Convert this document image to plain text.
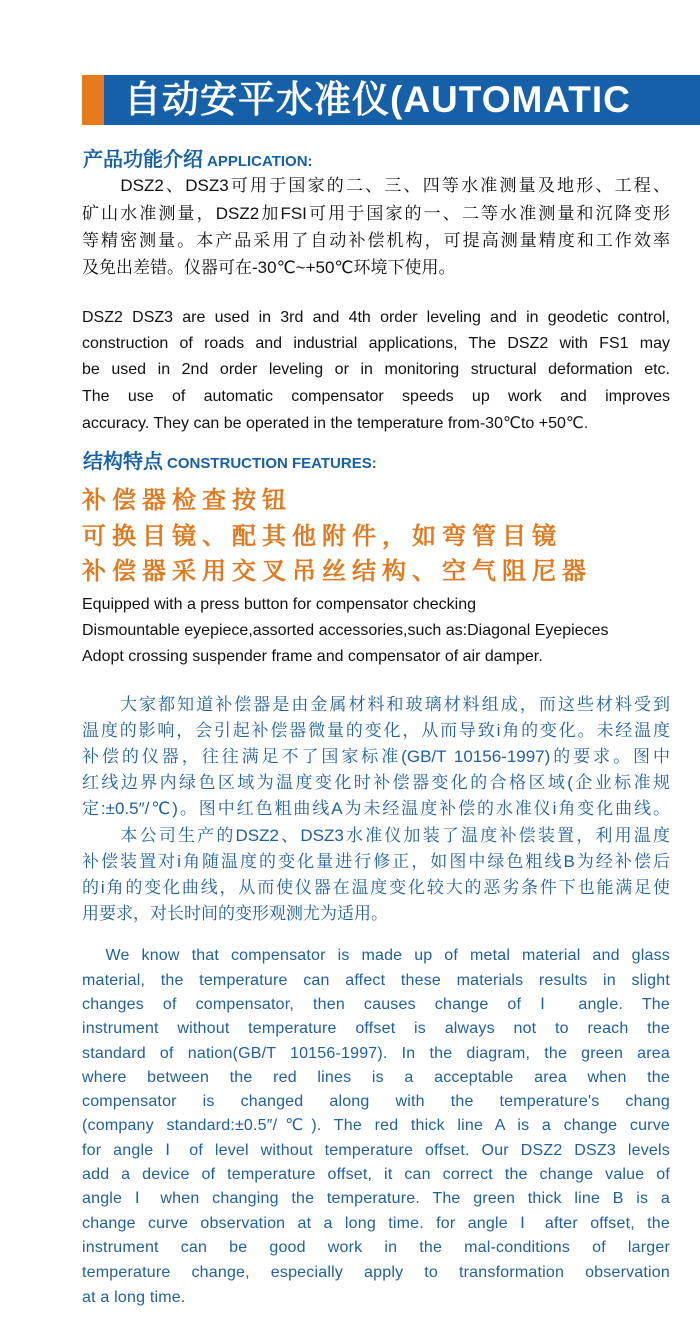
自动安平水准仪(AUTOMATIC
产品功能介绍 APPLICATION:
结构特点 CONSTRUCTION FEATURES:
　　DSZ2、DSZ3可用于国家的二、三、四等水准测量及地形、工程、
矿山水准测量，DSZ2加FSI可用于国家的一、二等水准测量和沉降变形
等精密测量。本产品采用了自动补偿机构，可提高测量精度和工作效率
及免出差错。仪器可在-30℃~+50℃环境下使用。
DSZ2 DSZ3 are used in 3rd and 4th order leveling and in geodetic control,
construction of roads and industrial applications, The DSZ2 with FS1 may
be used in 2nd order leveling or in monitoring structural deformation etc.
The use of automatic compensator speeds up work and improves
accuracy. They can be operated in the temperature from-30℃to +50℃.
补偿器检查按钮
可换目镜、配其他附件，如弯管目镜
补偿器采用交叉吊丝结构、空气阻尼器
Equipped with a press button for compensator checking
Dismountable eyepiece,assorted accessories,such as:Diagonal Eyepieces
Adopt crossing suspender frame and compensator of air damper.
　　大家都知道补偿器是由金属材料和玻璃材料组成，而这些材料受到
温度的影响，会引起补偿器微量的变化，从而导致i角的变化。未经温度
补偿的仪器，往往满足不了国家标准(GB/T 10156-1997)的要求。图中
红线边界内绿色区域为温度变化时补偿器变化的合格区域(企业标准规
定:±0.5″/℃)。图中红色粗曲线A为未经温度补偿的水准仪i角变化曲线。
　　本公司生产的DSZ2、DSZ3水准仪加装了温度补偿装置，利用温度
补偿装置对i角随温度的变化量进行修正，如图中绿色粗线B为经补偿后
的i角的变化曲线，从而使仪器在温度变化较大的恶劣条件下也能满足使
用要求，对长时间的变形观测尤为适用。
　We know that compensator is made up of metal material and glass
material, the temperature can affect these materials results in slight
changes of compensator, then causes change of Ⅰ angle. The
instrument without temperature offset is always not to reach the
standard of nation(GB/T 10156-1997). In the diagram, the green area
where between the red lines is a acceptable area when the
compensator is changed along with the temperature's chang
(company standard:±0.5″/℃). The red thick line A is a change curve
for angle Ⅰ of level without temperature offset. Our DSZ2 DSZ3 levels
add a device of temperature offset, it can correct the change value of
angle Ⅰ when changing the temperature. The green thick line B is a
change curve observation at a long time. for angle Ⅰ after offset, the
instrument can be good work in the mal-conditions of larger
temperature change, especially apply to transformation observation
at a long time.
